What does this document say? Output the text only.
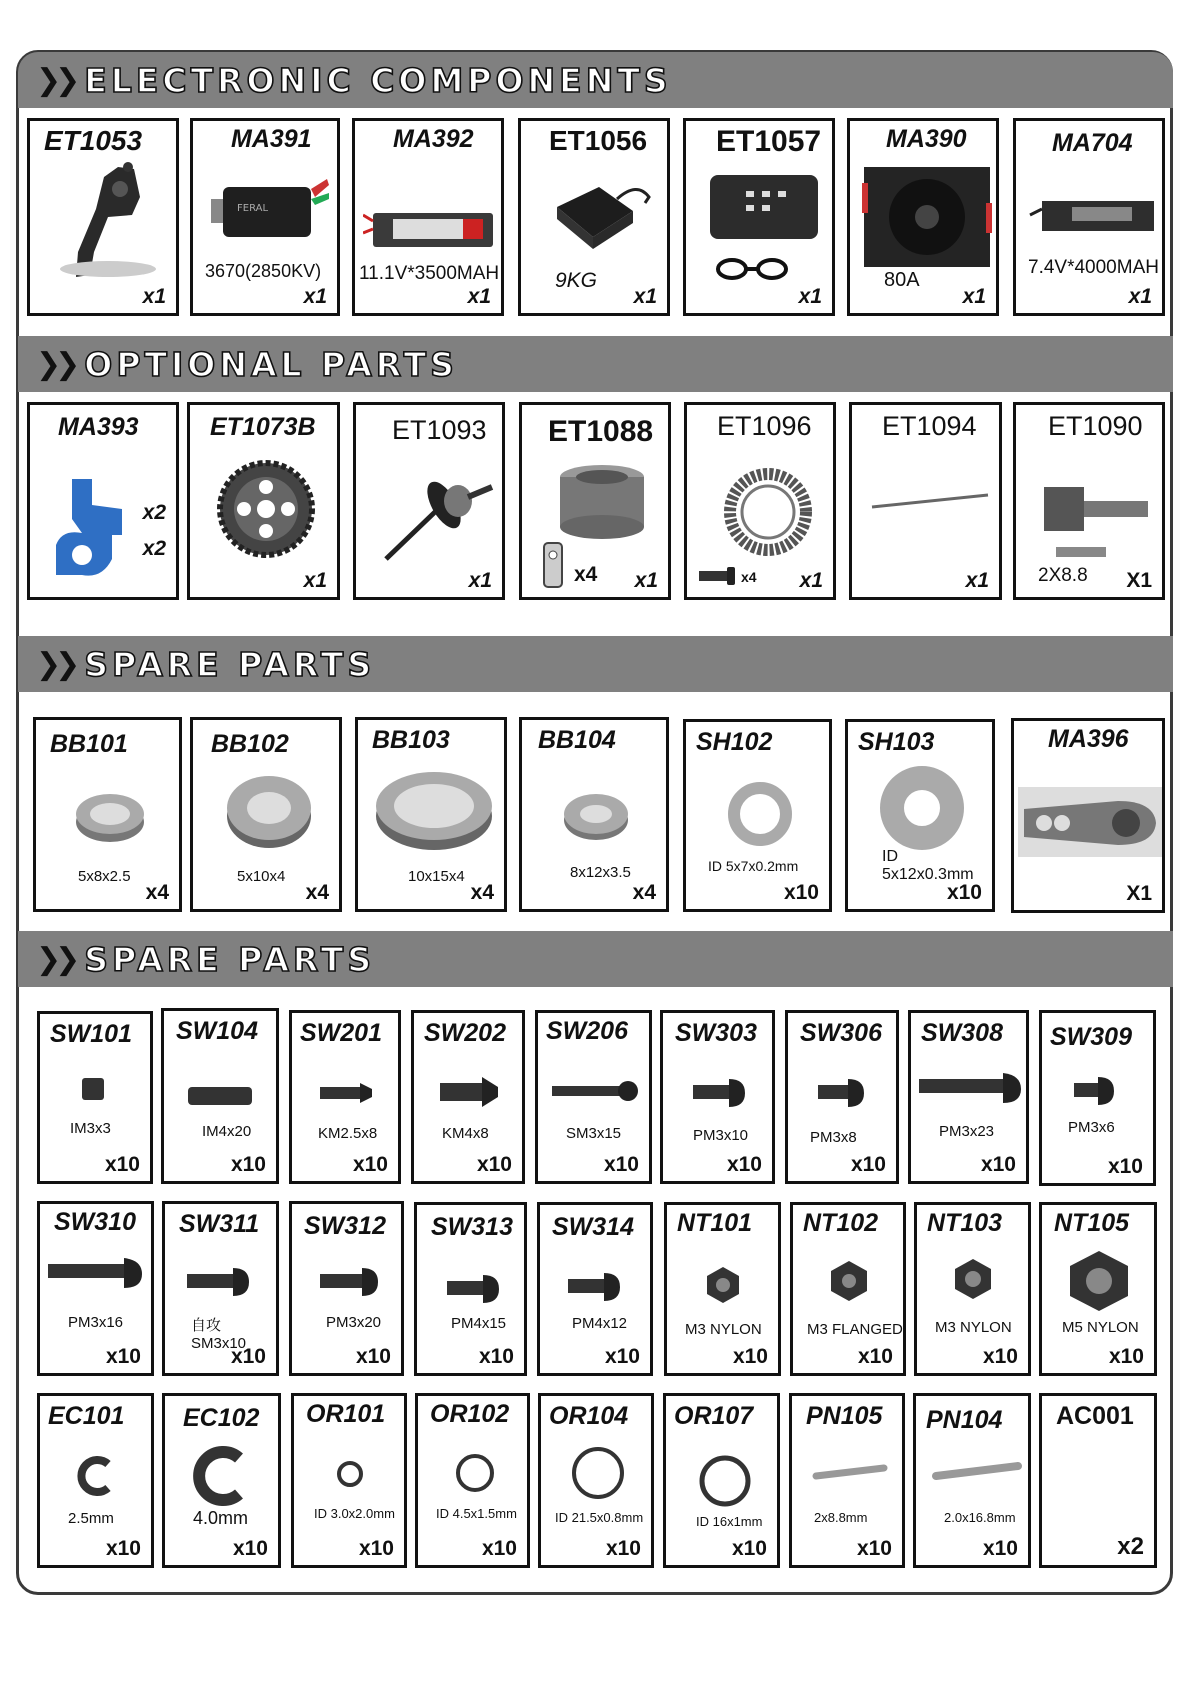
❯❯ ELECTRONIC COMPONENTS
ET1053
x1
MA391
FERAL
3670(2850KV)
x1
MA392
11.1V*3500MAH
x1
ET1056
9KG
x1
ET1057
x1
MA390
80A
x1
MA704
7.4V*4000MAH
x1
❯❯ OPTIONAL PARTS
MA393
x2
x2
ET1073B
x1
ET1093
x1
ET1088
x4 x1
ET1096
x4 x1
ET1094
x1
ET1090
2X8.8 X1
❯❯ SPARE PARTS
BB101
5x8x2.5
x4
BB102
5x10x4
x4
BB103
10x15x4
x4
BB104
8x12x3.5
x4
SH102
ID 5x7x0.2mm
x10
SH103
ID 5x12x0.3mm
x10
MA396
X1
❯❯ SPARE PARTS
SW101
IM3x3
x10
SW104
IM4x20
x10
SW201
KM2.5x8
x10
SW202
KM4x8
x10
SW206
SM3x15
x10
SW303
PM3x10
x10
SW306
PM3x8
x10
SW308
PM3x23
x10
SW309
PM3x6
x10
SW310
PM3x16
x10
SW311
自攻SM3x10
x10
SW312
PM3x20
x10
SW313
PM4x15
x10
SW314
PM4x12
x10
NT101
M3 NYLON
x10
NT102
M3 FLANGED
x10
NT103
M3 NYLON
x10
NT105
M5 NYLON
x10
EC101
2.5mm
x10
EC102
4.0mm
x10
OR101
ID 3.0x2.0mm
x10
OR102
ID 4.5x1.5mm
x10
OR104
ID 21.5x0.8mm
x10
OR107
ID 16x1mm
x10
PN105
2x8.8mm
x10
PN104
2.0x16.8mm
x10
AC001
x2
